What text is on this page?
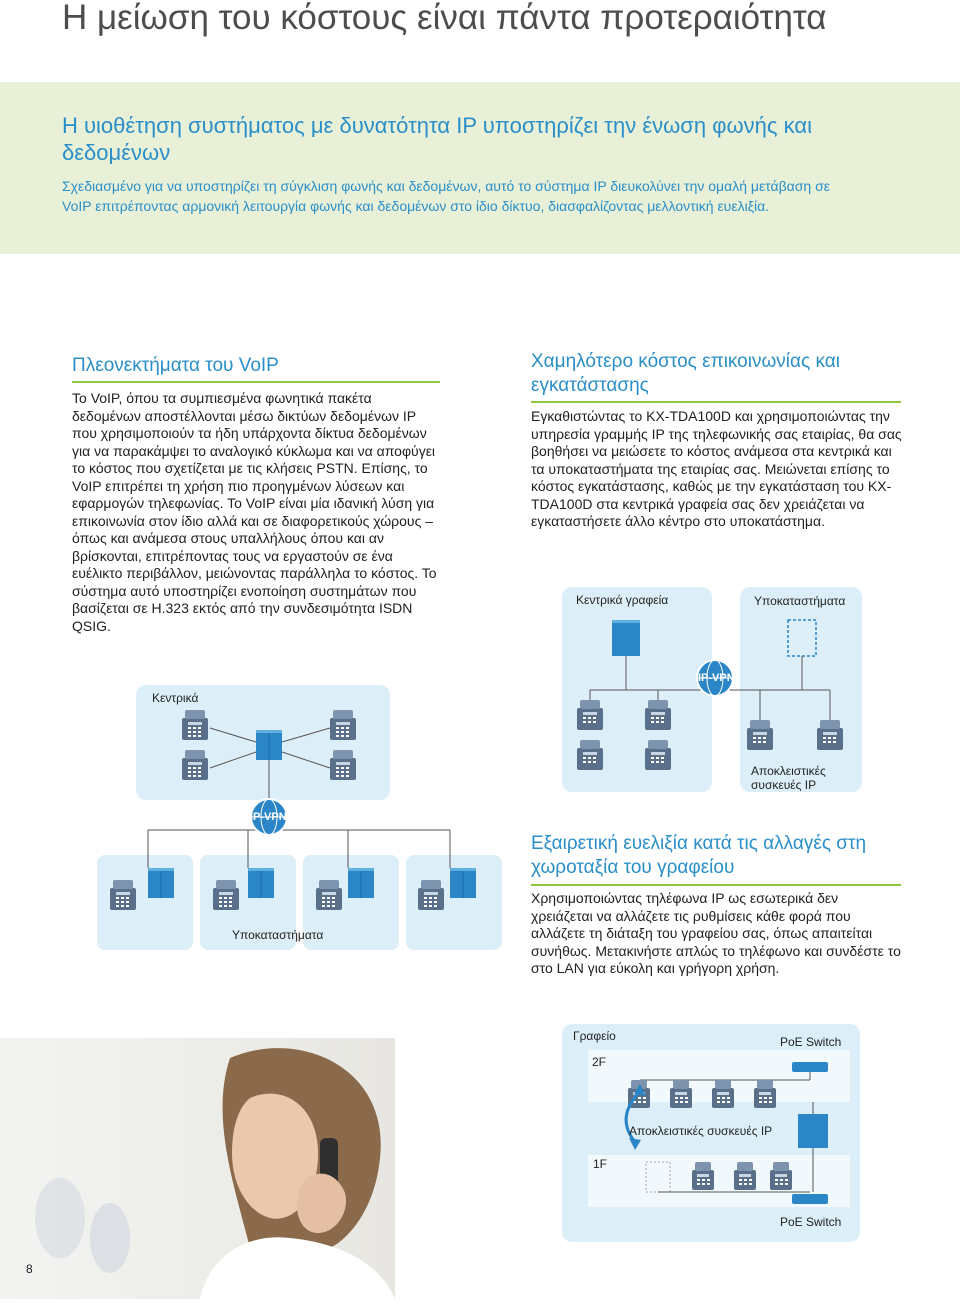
Η μείωση του κόστους είναι πάντα προτεραιότητα
Η υιοθέτηση συστήματος με δυνατότητα IP υποστηρίζει την ένωση φωνής και δεδομένων
Σχεδιασμένο για να υποστηρίζει τη σύγκλιση φωνής και δεδομένων, αυτό το σύστημα IP διευκολύνει την ομαλή μετάβαση σε VoIP επιτρέποντας αρμονική λειτουργία φωνής και δεδομένων στο ίδιο δίκτυο, διασφαλίζοντας μελλοντική ευελιξία.
Πλεονεκτήματα του VoIP
Το VoIP, όπου τα συμπιεσμένα φωνητικά πακέτα δεδομένων αποστέλλονται μέσω δικτύων δεδομένων IP που χρησιμοποιούν τα ήδη υπάρχοντα δίκτυα δεδομένων για να παρακάμψει το αναλογικό κύκλωμα και να αποφύγει το κόστος που σχετίζεται με τις κλήσεις PSTN. Επίσης, το VoIP επιτρέπει τη χρήση πιο προηγμένων λύσεων και εφαρμογών τηλεφωνίας. Το VoIP είναι μία ιδανική λύση για επικοινωνία στον ίδιο αλλά και σε διαφορετικούς χώρους – όπως και ανάμεσα στους υπαλλήλους όπου και αν βρίσκονται, επιτρέποντας τους να εργαστούν σε ένα ευέλικτο περιβάλλον, μειώνοντας παράλληλα το κόστος. Το σύστημα αυτό υποστηρίζει ενοποίηση συστημάτων που βασίζεται σε H.323 εκτός από την συνδεσιμότητα ISDN QSIG.
Χαμηλότερο κόστος επικοινωνίας και εγκατάστασης
Εγκαθιστώντας το KX-TDA100D και χρησιμοποιώντας την υπηρεσία γραμμής IP της τηλεφωνικής σας εταιρίας, θα σας βοηθήσει να μειώσετε το κόστος ανάμεσα στα κεντρικά και τα υποκαταστήματα της εταιρίας σας. Μειώνεται επίσης το κόστος εγκατάστασης, καθώς με την εγκατάσταση του KX-TDA100D στα κεντρικά γραφεία σας δεν χρειάζεται να εγκαταστήσετε άλλο κέντρο στο υποκατάστημα.
Εξαιρετική ευελιξία κατά τις αλλαγές στη χωροταξία του γραφείου
Χρησιμοποιώντας τηλέφωνα IP ως εσωτερικά δεν χρειάζεται να αλλάζετε τις ρυθμίσεις κάθε φορά που αλλάζετε τη διάταξη του γραφείου σας, όπως απαιτείται συνήθως. Μετακινήστε απλώς το τηλέφωνο και συνδέστε το στο LAN για εύκολη και γρήγορη χρήση.
Κεντρικά
IP-VPN
Υποκαταστήματα
Κεντρικά γραφεία	Υποκαταστήματα
IP-VPN
Αποκλειστικές
συσκευές IP
Γραφείο	PoE Switch
2F
Αποκλειστικές συσκευές IP
1F
PoE Switch
8
